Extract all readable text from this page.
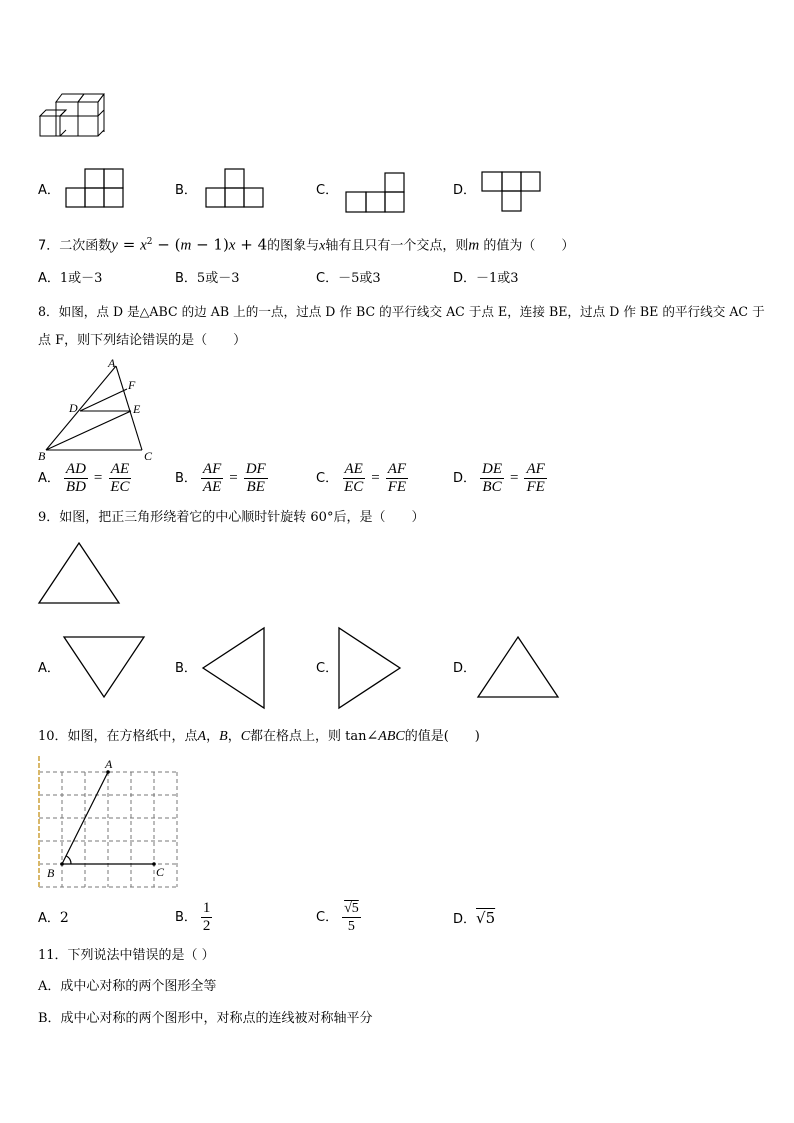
A．	B．	C．	D．
7．二次函数$y = x^2 - (m - 1)x + 4$的图象与x轴有且只有一个交点，则m 的值为（　　）
A．1或－3	B．5或－3	C．－5或3	D．－1或3
8．如图，点 D 是△ABC 的边 AB 上的一点，过点 D 作 BC 的平行线交 AC 于点 E，连接 BE，过点 D 作 BE 的平行线交 AC 于
点 F，则下列结论错误的是（　　）
A
F
D	E
B	C
A． $\frac{AD}{BD} = \frac{AE}{EC}$	B． $\frac{AF}{AE} = \frac{DF}{BE}$	C． $\frac{AE}{EC} = \frac{AF}{FE}$	D． $\frac{DE}{BC} = \frac{AF}{FE}$
9．如图，把正三角形绕着它的中心顺时针旋转 60°后，是（　　）
A．	B．	C．	D．
10．如图，在方格纸中，点A，B，C都在格点上，则 tan∠ABC的值是(　　)
A
B	C
A．2	B． $\frac{1}{2}$	C． $\frac{√5}{5}$	D．√5
11．下列说法中错误的是（ ）
A．成中心对称的两个图形全等
B．成中心对称的两个图形中，对称点的连线被对称轴平分
